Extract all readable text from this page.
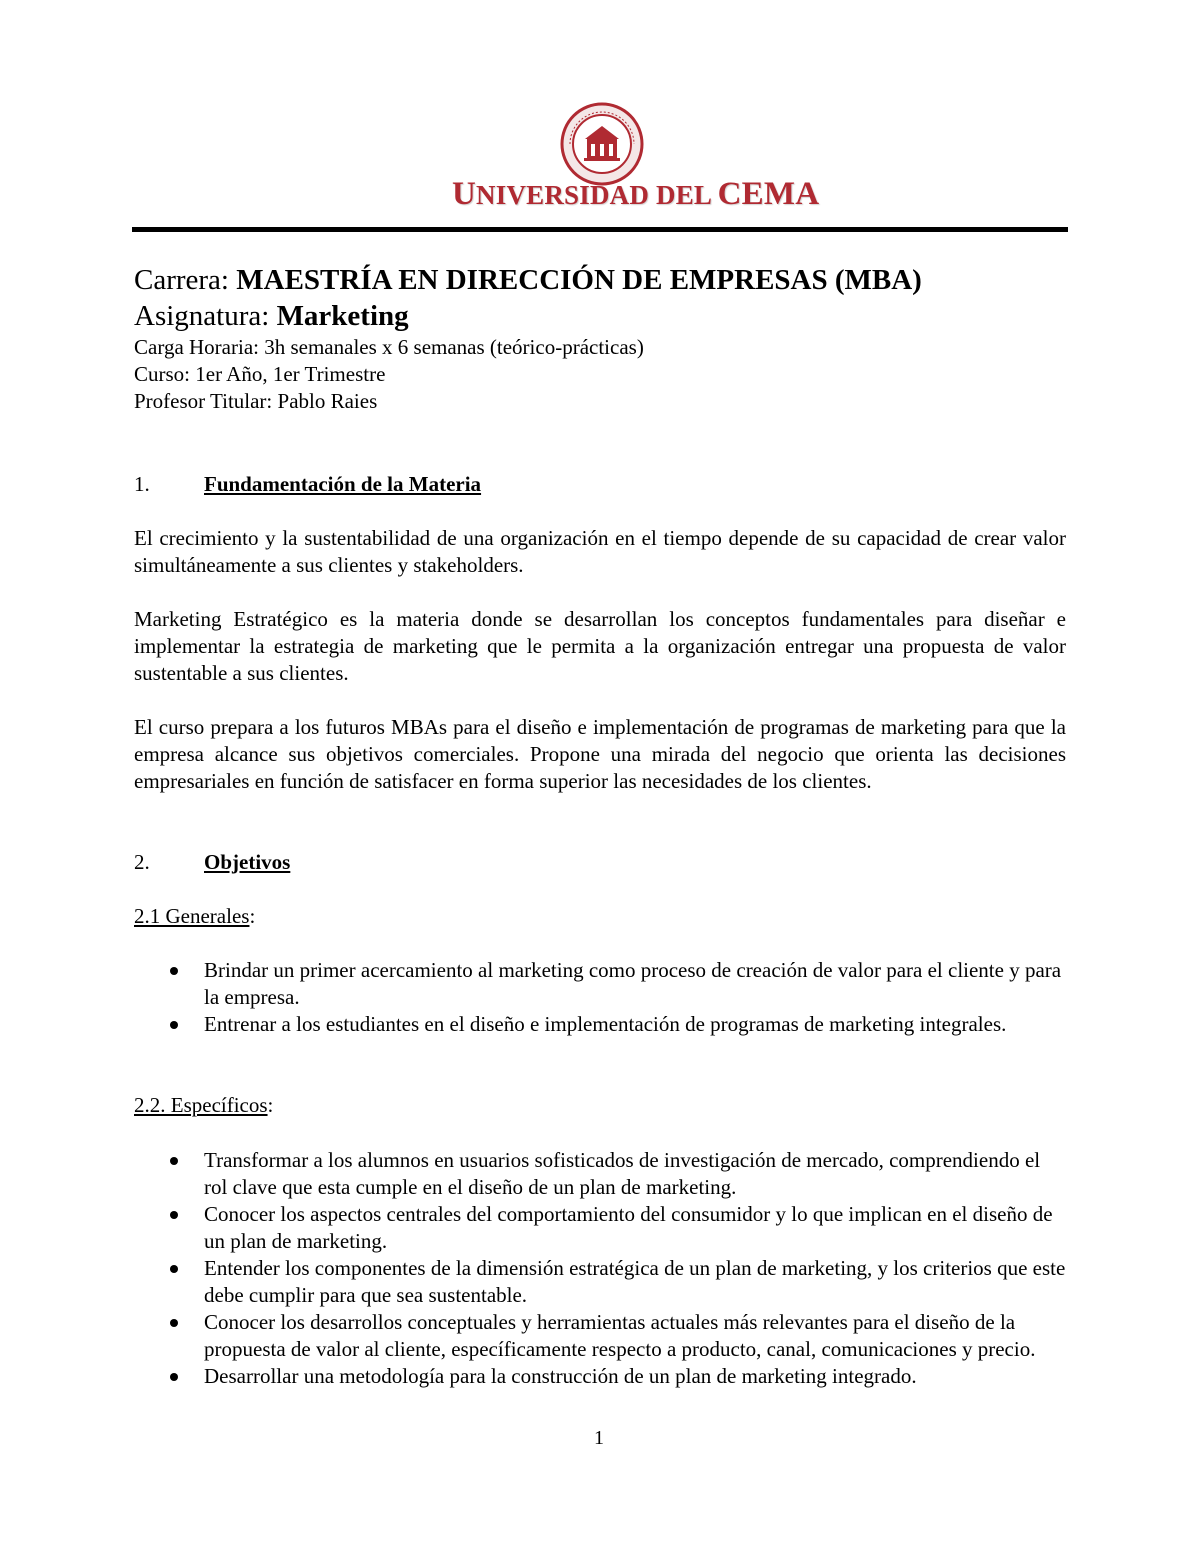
UNIVERSIDAD DEL CEMA
Carrera: MAESTRÍA EN DIRECCIÓN DE EMPRESAS (MBA)
Asignatura: Marketing
Carga Horaria: 3h semanales x 6 semanas (teórico-prácticas)
Curso: 1er Año, 1er Trimestre
Profesor Titular: Pablo Raies
1.	Fundamentación de la Materia
El crecimiento y la sustentabilidad de una organización en el tiempo depende de su capacidad de crear valor simultáneamente a sus clientes y stakeholders.
Marketing Estratégico es la materia donde se desarrollan los conceptos fundamentales para diseñar e implementar la estrategia de marketing que le permita a la organización entregar una propuesta de valor sustentable a sus clientes.
El curso prepara a los futuros MBAs para el diseño e implementación de programas de marketing para que la empresa alcance sus objetivos comerciales. Propone una mirada del negocio que orienta las decisiones empresariales en función de satisfacer en forma superior las necesidades de los clientes.
2.	Objetivos
2.1 Generales:
Brindar un primer acercamiento al marketing como proceso de creación de valor para el cliente y para la empresa.
Entrenar a los estudiantes en el diseño e implementación de programas de marketing integrales.
2.2. Específicos:
Transformar a los alumnos en usuarios sofisticados de investigación de mercado, comprendiendo el rol clave que esta cumple en el diseño de un plan de marketing.
Conocer los aspectos centrales del comportamiento del consumidor y lo que implican en el diseño de un plan de marketing.
Entender los componentes de la dimensión estratégica de un plan de marketing, y los criterios que este debe cumplir para que sea sustentable.
Conocer los desarrollos conceptuales y herramientas actuales más relevantes para el diseño de la propuesta de valor al cliente, específicamente respecto a producto, canal, comunicaciones y precio.
Desarrollar una metodología para la construcción de un plan de marketing integrado.
1
